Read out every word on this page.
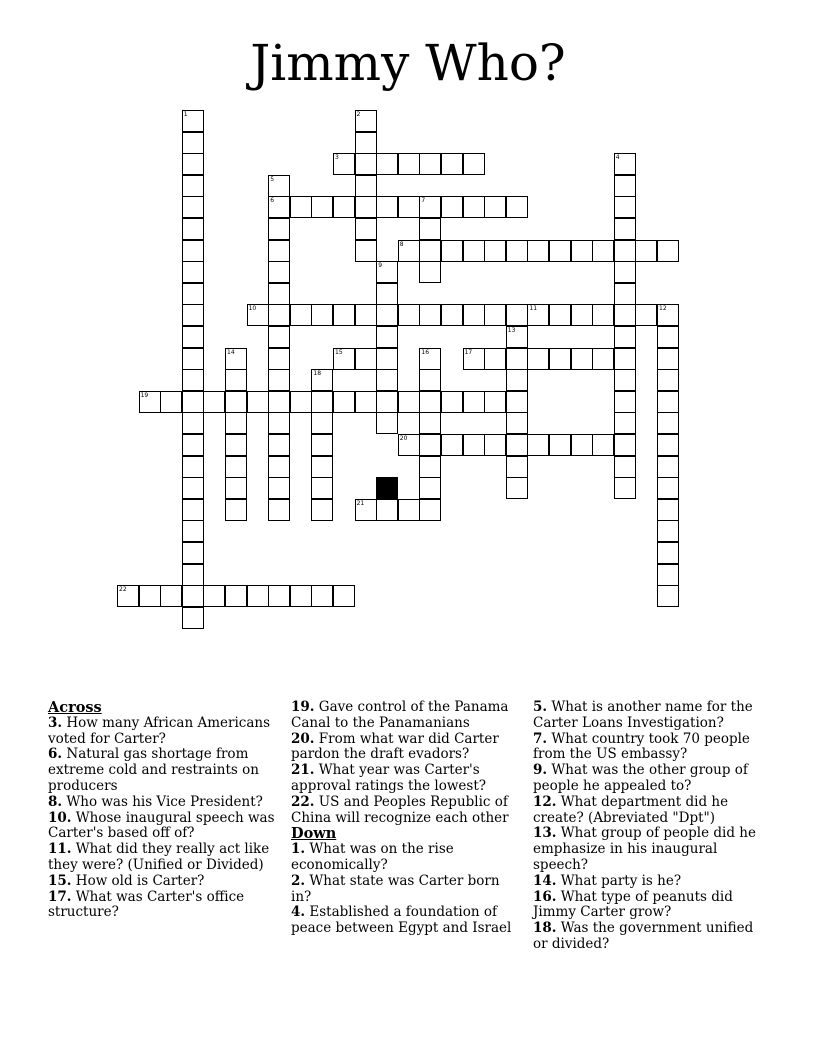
Jimmy Who?
1	2
3	4
5
6	7
8
9
10	11	12
13
14	15	16	17
18
19
20
21
22
Across
3. How many African Americans voted for Carter?
6. Natural gas shortage from extreme cold and restraints on producers
8. Who was his Vice President?
10. Whose inaugural speech was Carter's based off of?
11. What did they really act like they were? (Unified or Divided)
15. How old is Carter?
17. What was Carter's office structure?
19. Gave control of the Panama Canal to the Panamanians
20. From what war did Carter pardon the draft evadors?
21. What year was Carter's approval ratings the lowest?
22. US and Peoples Republic of China will recognize each other
Down
1. What was on the rise economically?
2. What state was Carter born in?
4. Established a foundation of peace between Egypt and Israel
5. What is another name for the Carter Loans Investigation?
7. What country took 70 people from the US embassy?
9. What was the other group of people he appealed to?
12. What department did he create? (Abreviated "Dpt")
13. What group of people did he emphasize in his inaugural speech?
14. What party is he?
16. What type of peanuts did Jimmy Carter grow?
18. Was the government unified or divided?
